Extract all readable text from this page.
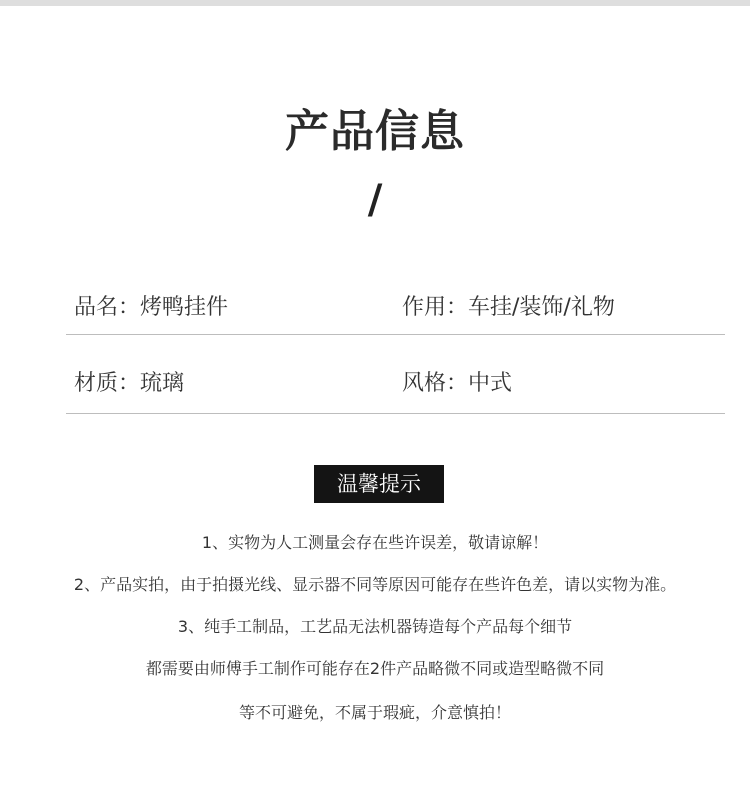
产品信息
/
品名：烤鸭挂件	作用：车挂/装饰/礼物
材质：琉璃	风格：中式
温馨提示
1、实物为人工测量会存在些许误差，敬请谅解！
2、产品实拍，由于拍摄光线、显示器不同等原因可能存在些许色差，请以实物为准。
3、纯手工制品，工艺品无法机器铸造每个产品每个细节
都需要由师傅手工制作可能存在2件产品略微不同或造型略微不同
等不可避免，不属于瑕疵，介意慎拍！
